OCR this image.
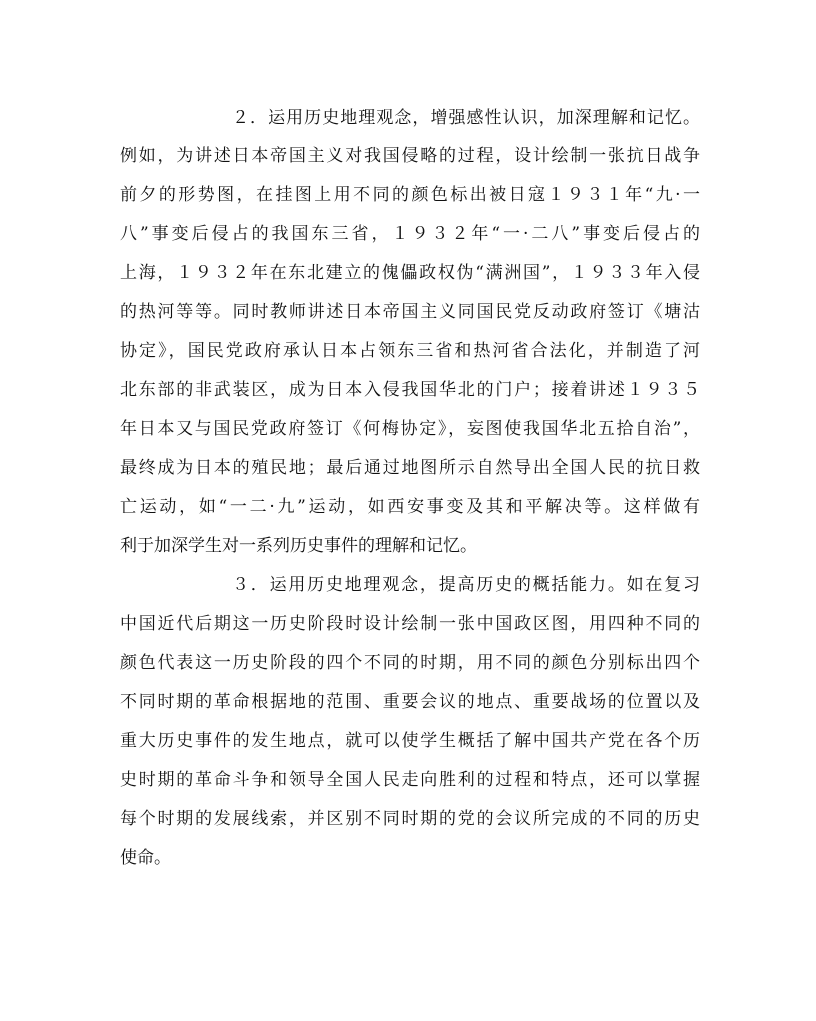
２．运用历史地理观念，增强感性认识，加深理解和记忆。
例如，为讲述日本帝国主义对我国侵略的过程，设计绘制一张抗日战争
前夕的形势图，在挂图上用不同的颜色标出被日寇１９３１年“九·一
八”事变后侵占的我国东三省，１９３２年“一·二八”事变后侵占的
上海，１９３２年在东北建立的傀儡政权伪“满洲国”，１９３３年入侵
的热河等等。同时教师讲述日本帝国主义同国民党反动政府签订《塘沽
协定》，国民党政府承认日本占领东三省和热河省合法化，并制造了河
北东部的非武装区，成为日本入侵我国华北的门户；接着讲述１９３５
年日本又与国民党政府签订《何梅协定》，妄图使我国华北五拾自治”，
最终成为日本的殖民地；最后通过地图所示自然导出全国人民的抗日救
亡运动，如“一二·九”运动，如西安事变及其和平解决等。这样做有
利于加深学生对一系列历史事件的理解和记忆。
３．运用历史地理观念，提高历史的概括能力。如在复习
中国近代后期这一历史阶段时设计绘制一张中国政区图，用四种不同的
颜色代表这一历史阶段的四个不同的时期，用不同的颜色分别标出四个
不同时期的革命根据地的范围、重要会议的地点、重要战场的位置以及
重大历史事件的发生地点，就可以使学生概括了解中国共产党在各个历
史时期的革命斗争和领导全国人民走向胜利的过程和特点，还可以掌握
每个时期的发展线索，并区别不同时期的党的会议所完成的不同的历史
使命。
